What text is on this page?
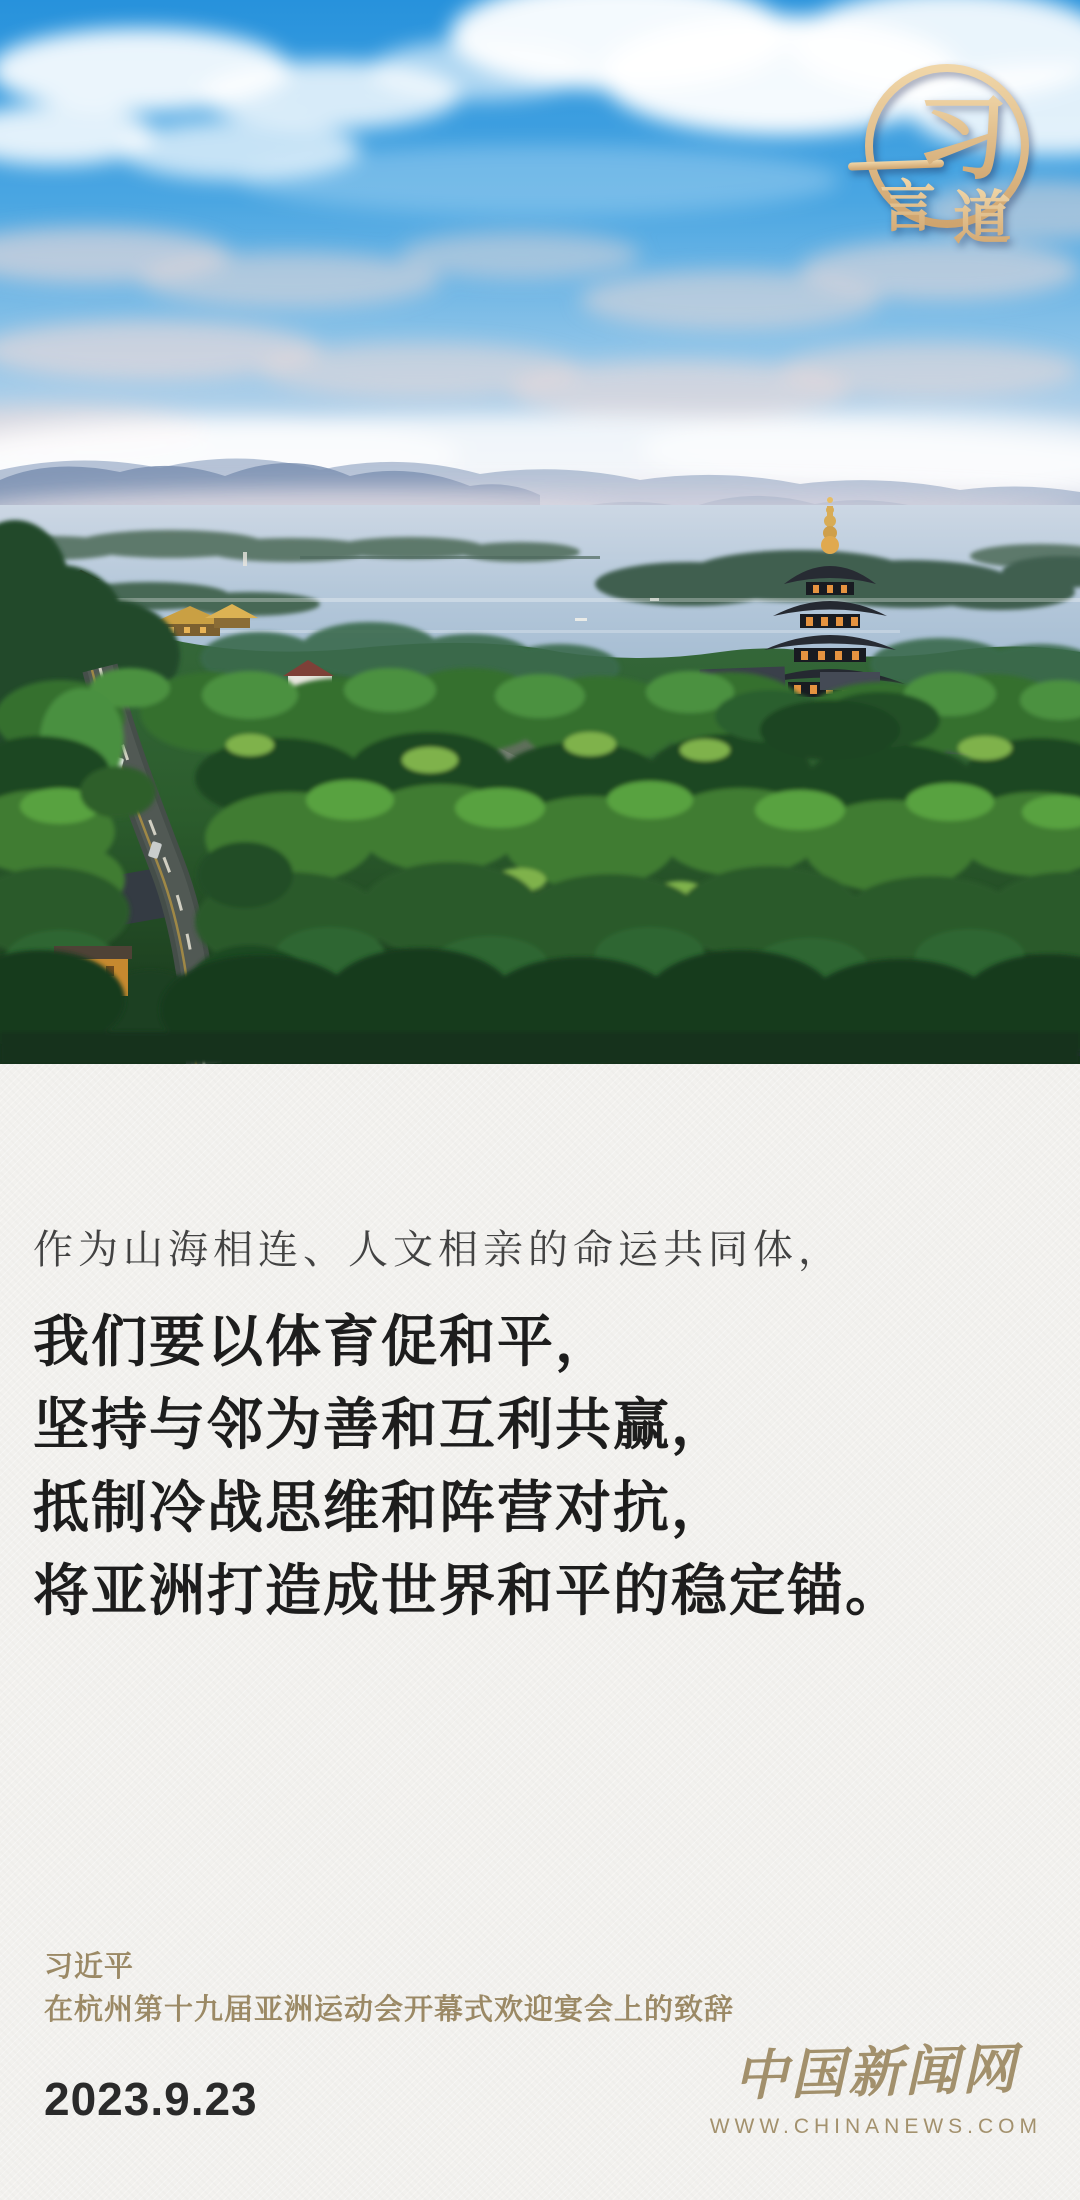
习
言 道
作为山海相连、人文相亲的命运共同体，
我们要以体育促和平，
坚持与邻为善和互利共赢，
抵制冷战思维和阵营对抗，
将亚洲打造成世界和平的稳定锚。
习近平
在杭州第十九届亚洲运动会开幕式欢迎宴会上的致辞
2023.9.23	中国新闻网
WWW.CHINANEWS.COM
